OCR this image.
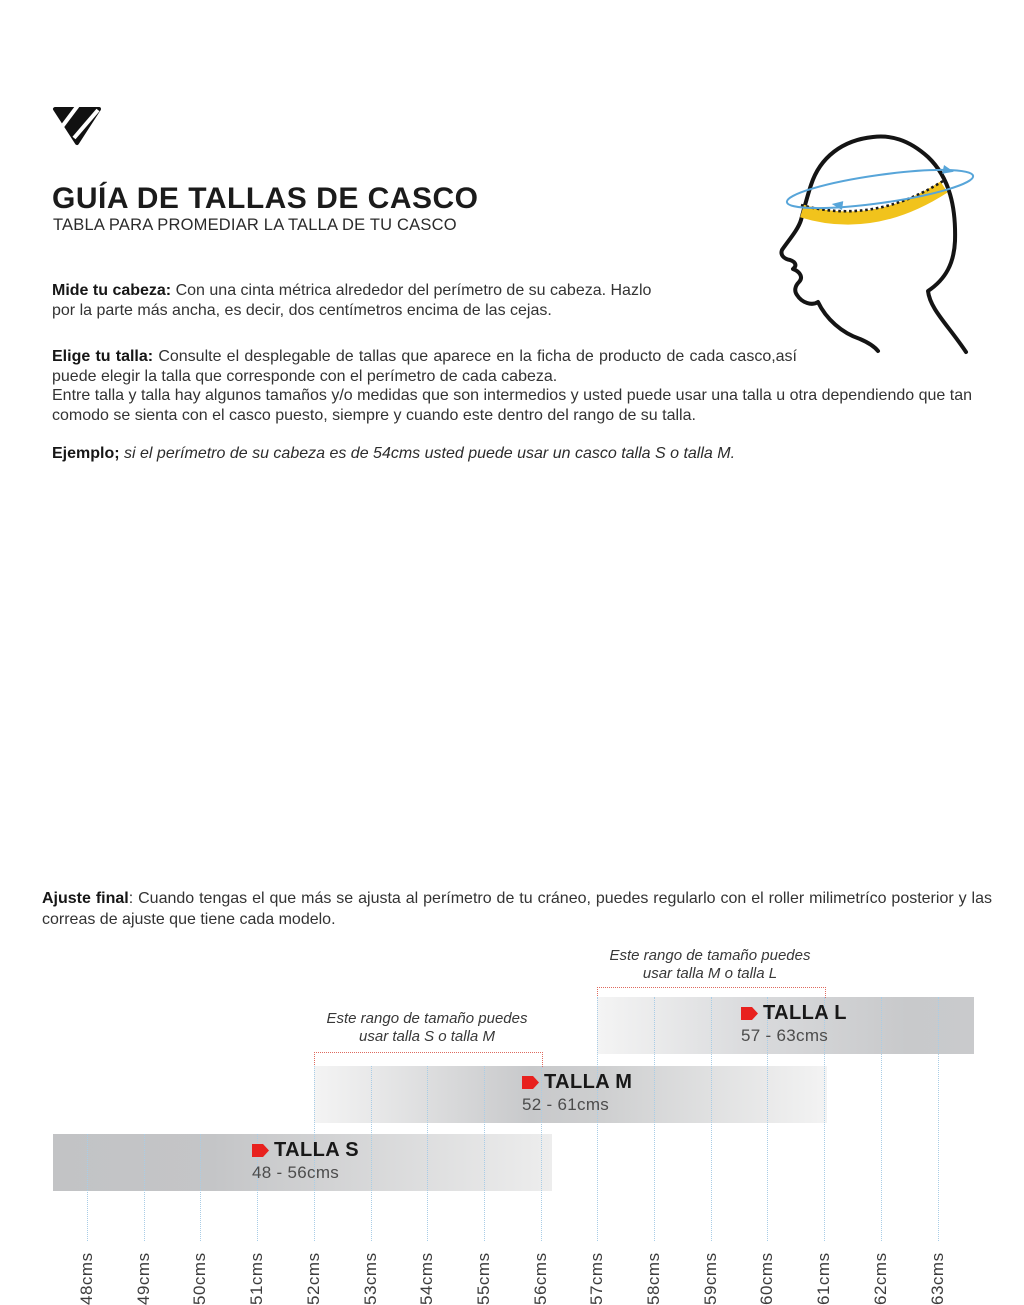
GUÍA DE TALLAS DE CASCO
TABLA PARA PROMEDIAR LA TALLA DE TU CASCO

Mide tu cabeza: Con una cinta métrica alrededor del perímetro de su cabeza. Hazlo por la parte más ancha, es decir, dos centímetros encima de las cejas.

Elige tu talla: Consulte el desplegable de tallas que aparece en la ficha de producto de cada casco,así puede elegir la talla que corresponde con el perímetro de cada cabeza.

Entre talla y talla hay algunos tamaños y/o medidas que son intermedios y usted puede usar una talla u otra dependiendo que tan comodo se sienta con el casco puesto, siempre y cuando este dentro del rango de su talla.

Ejemplo; si el perímetro de su cabeza es de 54cms usted puede usar un casco talla S o talla M.

Este rango de tamaño puedes
usar talla M o talla L
Este rango de tamaño puedes
usar talla S o talla M
TALLA L
57 - 63cms
TALLA M
52 - 61cms
TALLA S
48 - 56cms
48cms 49cms 50cms 51cms 52cms 53cms 54cms 55cms 56cms 57cms 58cms 59cms 60cms 61cms 62cms 63cms

Ajuste final: Cuando tengas el que más se ajusta al perímetro de tu cráneo, puedes regularlo con el roller milimetríco posterior y las correas de ajuste que tiene cada modelo.
